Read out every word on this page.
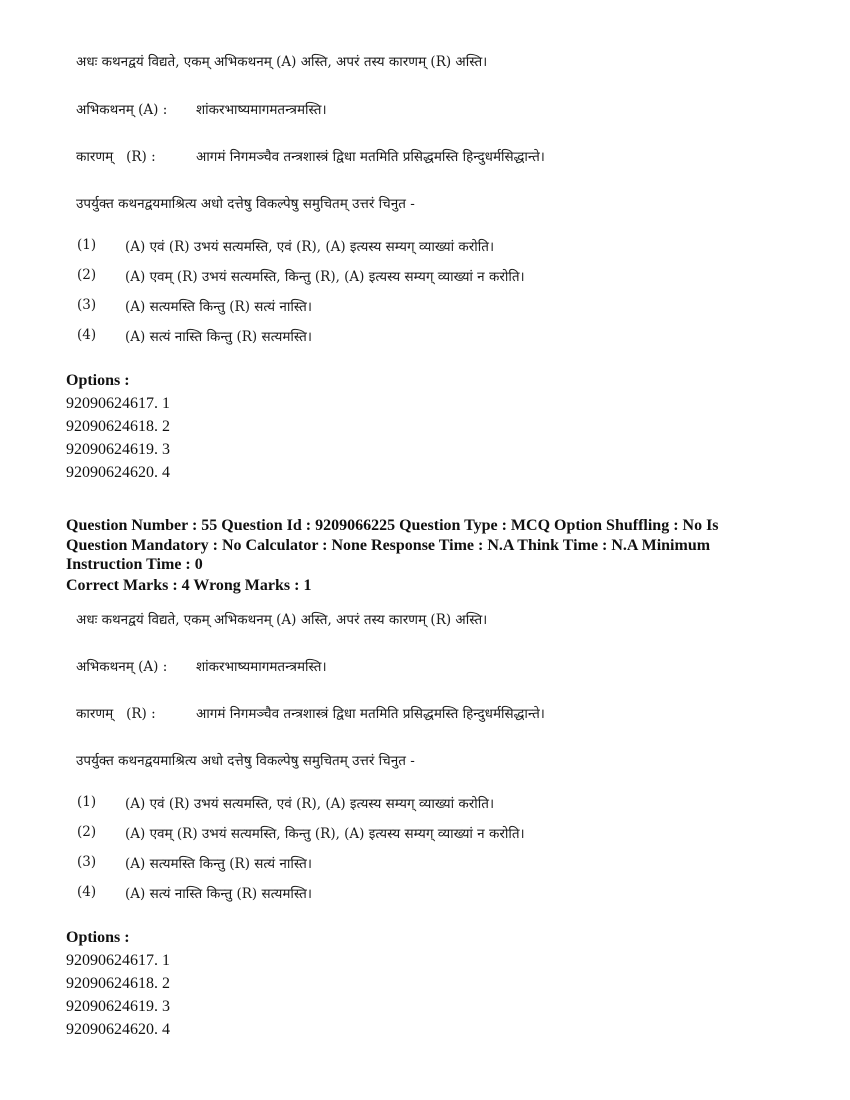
अधः कथनद्वयं विद्यते, एकम् अभिकथनम् (A) अस्ति, अपरं तस्य कारणम् (R) अस्ति।
अभिकथनम् (A) : शांकरभाष्यमागमतन्त्रमस्ति।
कारणम्   (R) :	आगमं निगमञ्चैव तन्त्रशास्त्रं द्विधा मतमिति प्रसिद्धमस्ति हिन्दुधर्मसिद्धान्ते।
उपर्युक्त कथनद्वयमाश्रित्य अधो दत्तेषु विकल्पेषु समुचितम् उत्तरं चिनुत -
(1) (A) एवं (R) उभयं सत्यमस्ति, एवं (R), (A) इत्यस्य सम्यग् व्याख्यां करोति।
(2) (A) एवम् (R) उभयं सत्यमस्ति, किन्तु (R), (A) इत्यस्य सम्यग् व्याख्यां न करोति।
(3) (A) सत्यमस्ति किन्तु (R) सत्यं नास्ति।
(4) (A) सत्यं नास्ति किन्तु (R) सत्यमस्ति।
Options :
92090624617. 1
92090624618. 2
92090624619. 3
92090624620. 4
Question Number : 55 Question Id : 9209066225 Question Type : MCQ Option Shuffling : No Is
Question Mandatory : No Calculator : None Response Time : N.A Think Time : N.A Minimum
Instruction Time : 0
Correct Marks : 4 Wrong Marks : 1
अधः कथनद्वयं विद्यते, एकम् अभिकथनम् (A) अस्ति, अपरं तस्य कारणम् (R) अस्ति।
अभिकथनम् (A) : शांकरभाष्यमागमतन्त्रमस्ति।
कारणम्   (R) :	आगमं निगमञ्चैव तन्त्रशास्त्रं द्विधा मतमिति प्रसिद्धमस्ति हिन्दुधर्मसिद्धान्ते।
उपर्युक्त कथनद्वयमाश्रित्य अधो दत्तेषु विकल्पेषु समुचितम् उत्तरं चिनुत -
(1) (A) एवं (R) उभयं सत्यमस्ति, एवं (R), (A) इत्यस्य सम्यग् व्याख्यां करोति।
(2) (A) एवम् (R) उभयं सत्यमस्ति, किन्तु (R), (A) इत्यस्य सम्यग् व्याख्यां न करोति।
(3) (A) सत्यमस्ति किन्तु (R) सत्यं नास्ति।
(4) (A) सत्यं नास्ति किन्तु (R) सत्यमस्ति।
Options :
92090624617. 1
92090624618. 2
92090624619. 3
92090624620. 4
